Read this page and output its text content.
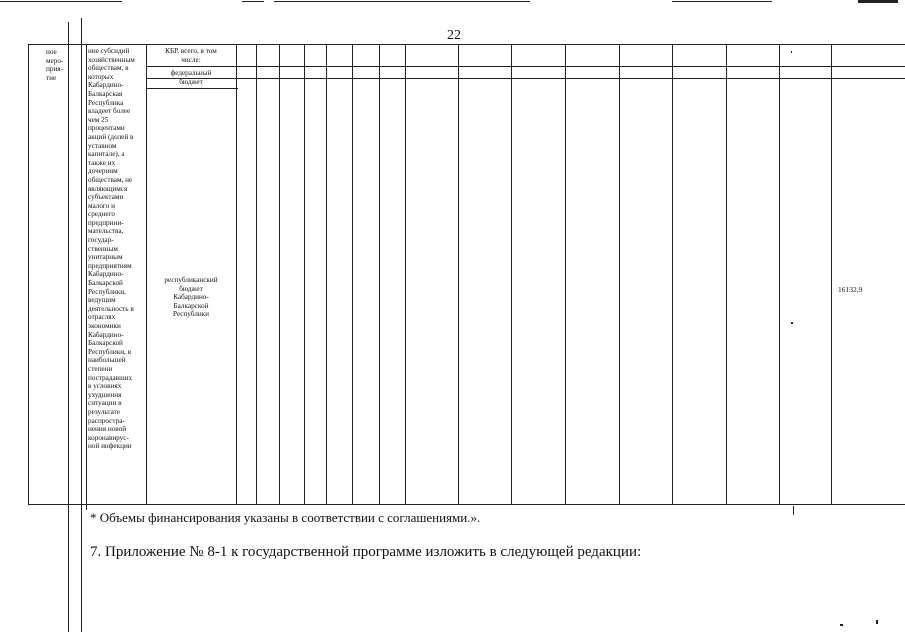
22
ное
меро-
прия-
тие
ние субсидий
хозяйственным
обществам, в
которых
Кабардино-
Балкарская
Республика
владеет более
чем 25
процентами
акций (долей в
уставном
капитале), а
также их
дочерним
обществам, не
являющимся
субъектами
малого и
среднего
предприни-
мательства,
государ-
ственным
унитарным
предприятиям
Кабардино-
Балкарской
Республики,
ведущим
деятельность в
отраслях
экономики
Кабардино-
Балкарской
Республики, в
наибольшей
степени
пострадавших
в условиях
ухудшения
ситуации в
результате
распростра-
нения новой
коронавирус-
ной инфекции
КБР, всего, в том
числе:
федеральный
бюджет
республиканский
бюджет
Кабардино-
Балкарской
Республики
16132,9
* Объемы финансирования указаны в соответствии с соглашениями.».
7. Приложение № 8-1 к государственной программе изложить в следующей редакции:
